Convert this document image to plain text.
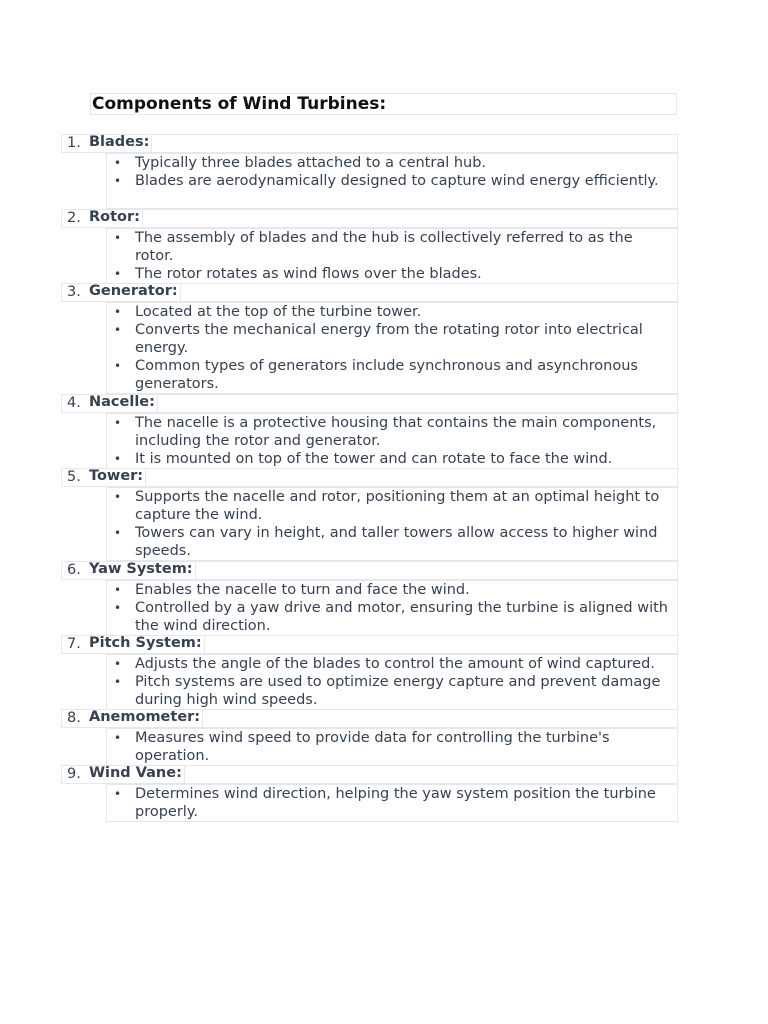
Components of Wind Turbines:
1. Blades:
• Typically three blades attached to a central hub.
• Blades are aerodynamically designed to capture wind energy efficiently.
2. Rotor:
• The assembly of blades and the hub is collectively referred to as the rotor.
• The rotor rotates as wind flows over the blades.
3. Generator:
• Located at the top of the turbine tower.
• Converts the mechanical energy from the rotating rotor into electrical energy.
• Common types of generators include synchronous and asynchronous generators.
4. Nacelle:
• The nacelle is a protective housing that contains the main components, including the rotor and generator.
• It is mounted on top of the tower and can rotate to face the wind.
5. Tower:
• Supports the nacelle and rotor, positioning them at an optimal height to capture the wind.
• Towers can vary in height, and taller towers allow access to higher wind speeds.
6. Yaw System:
• Enables the nacelle to turn and face the wind.
• Controlled by a yaw drive and motor, ensuring the turbine is aligned with the wind direction.
7. Pitch System:
• Adjusts the angle of the blades to control the amount of wind captured.
• Pitch systems are used to optimize energy capture and prevent damage during high wind speeds.
8. Anemometer:
• Measures wind speed to provide data for controlling the turbine's operation.
9. Wind Vane:
• Determines wind direction, helping the yaw system position the turbine properly.
